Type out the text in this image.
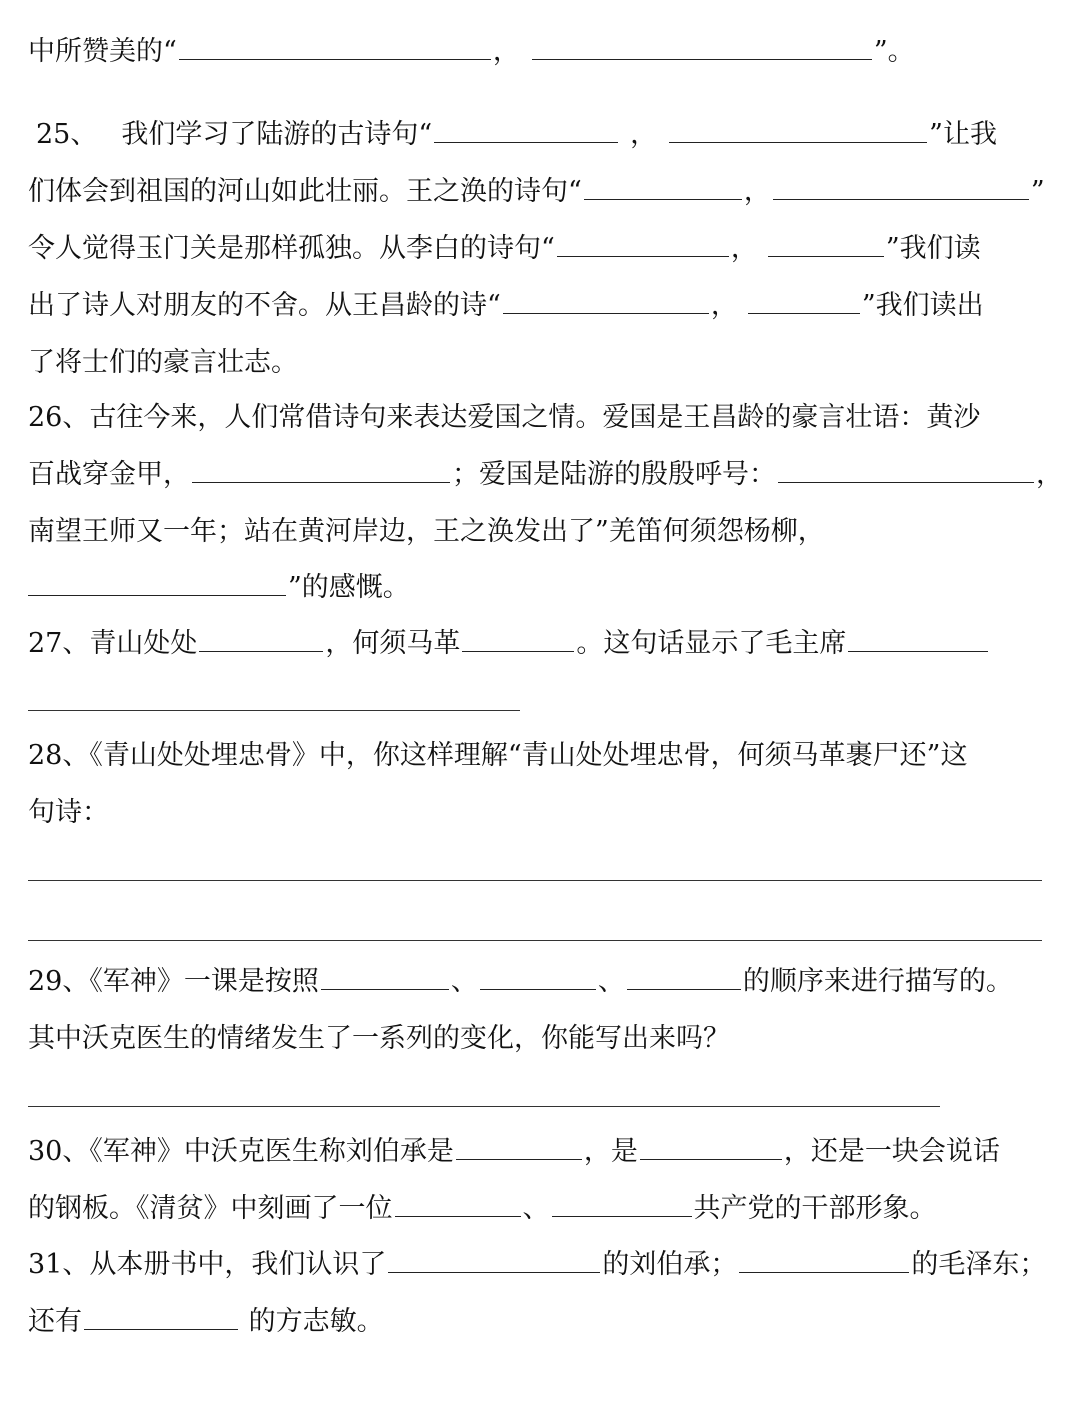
中所赞美的“	，	”。
25、 我们学习了陆游的古诗句“	，	”让我
们体会到祖国的河山如此壮丽。王之涣的诗句“	，	”
令人觉得玉门关是那样孤独。从李白的诗句“	，	”我们读
出了诗人对朋友的不舍。从王昌龄的诗“	，	”我们读出
了将士们的豪言壮志。
26、古往今来，人们常借诗句来表达爱国之情。爱国是王昌龄的豪言壮语：黄沙
百战穿金甲，	；爱国是陆游的殷殷呼号：	，
南望王师又一年；站在黄河岸边，王之涣发出了”羌笛何须怨杨柳，
”的感慨。
27、青山处处	，何须马革	。这句话显示了毛主席
28、《青山处处埋忠骨》中，你这样理解“青山处处埋忠骨，何须马革裹尸还”这
句诗：
29、《军神》一课是按照	、	、	的顺序来进行描写的。
其中沃克医生的情绪发生了一系列的变化，你能写出来吗？
30、《军神》中沃克医生称刘伯承是	，是	，还是一块会说话
的钢板。《清贫》中刻画了一位	、	共产党的干部形象。
31、从本册书中，我们认识了	的刘伯承；	的毛泽东；
还有	的方志敏。
